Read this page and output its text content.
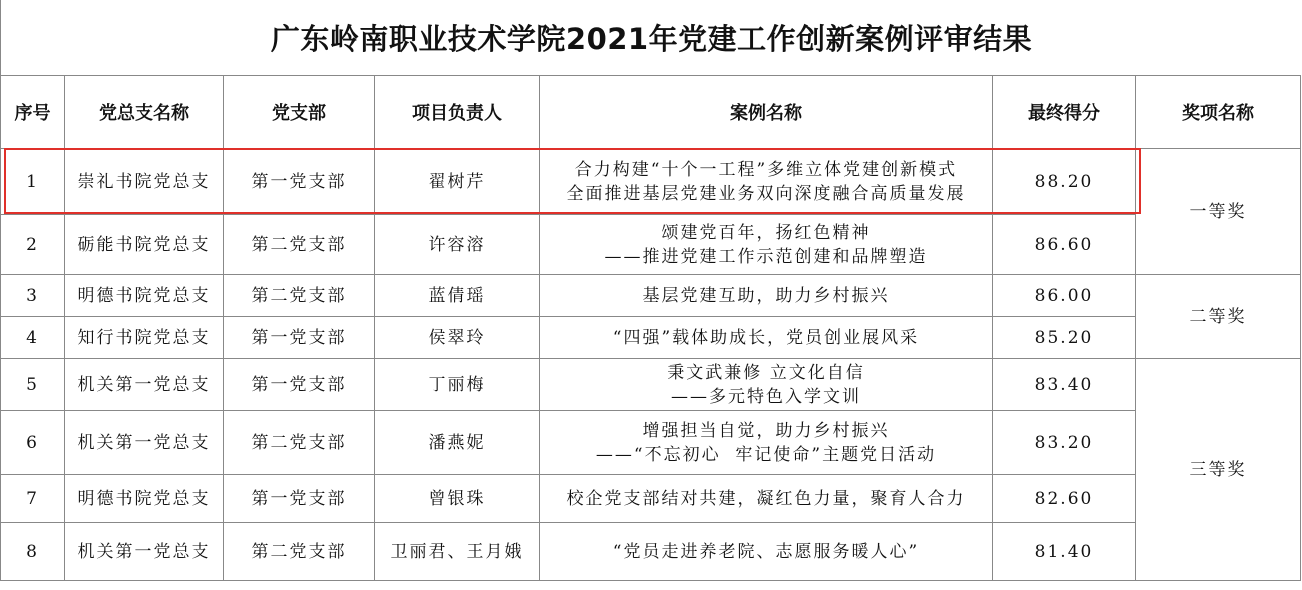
广东岭南职业技术学院2021年党建工作创新案例评审结果
序号	党总支名称	党支部	项目负责人	案例名称	最终得分	奖项名称
1	崇礼书院党总支	第一党支部	翟树芹	合力构建“十个一工程”多维立体党建创新模式
全面推进基层党建业务双向深度融合高质量发展	88.20	一等奖
2	砺能书院党总支	第二党支部	许容溶	颂建党百年，扬红色精神
——推进党建工作示范创建和品牌塑造	86.60	
3	明德书院党总支	第二党支部	蓝倩瑶	基层党建互助，助力乡村振兴	86.00	二等奖
4	知行书院党总支	第一党支部	侯翠玲	“四强”载体助成长，党员创业展风采	85.20	
5	机关第一党总支	第一党支部	丁丽梅	秉文武兼修 立文化自信
——多元特色入学文训	83.40	三等奖
6	机关第一党总支	第二党支部	潘燕妮	增强担当自觉，助力乡村振兴
——“不忘初心  牢记使命”主题党日活动	83.20	
7	明德书院党总支	第一党支部	曾银珠	校企党支部结对共建，凝红色力量，聚育人合力	82.60	
8	机关第一党总支	第二党支部	卫丽君、王月娥	“党员走进养老院、志愿服务暖人心”	81.40	
